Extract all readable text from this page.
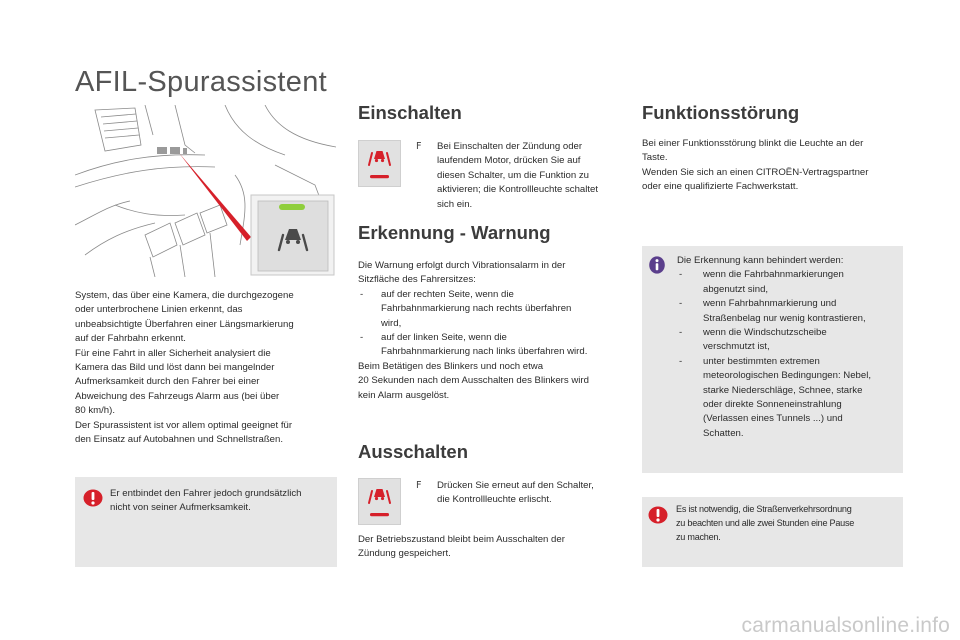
AFIL-Spurassistent
System, das über eine Kamera, die durchgezogene
oder unterbrochene Linien erkennt, das
unbeabsichtigte Überfahren einer Längsmarkierung
auf der Fahrbahn erkennt.
Für eine Fahrt in aller Sicherheit analysiert die
Kamera das Bild und löst dann bei mangelnder
Aufmerksamkeit durch den Fahrer bei einer
Abweichung des Fahrzeugs Alarm aus (bei über
80 km/h).
Der Spurassistent ist vor allem optimal geeignet für
den Einsatz auf Autobahnen und Schnellstraßen.
Er entbindet den Fahrer jedoch grundsätzlich
nicht von seiner Aufmerksamkeit.
Einschalten
F Bei Einschalten der Zündung oder
laufendem Motor, drücken Sie auf
diesen Schalter, um die Funktion zu
aktivieren; die Kontrollleuchte schaltet
sich ein.
Erkennung - Warnung
Die Warnung erfolgt durch Vibrationsalarm in der
Sitzfläche des Fahrersitzes:
- auf der rechten Seite, wenn die
Fahrbahnmarkierung nach rechts überfahren
wird,
- auf der linken Seite, wenn die
Fahrbahnmarkierung nach links überfahren wird.
Beim Betätigen des Blinkers und noch etwa
20 Sekunden nach dem Ausschalten des Blinkers wird
kein Alarm ausgelöst.
Ausschalten
F Drücken Sie erneut auf den Schalter,
die Kontrollleuchte erlischt.
Der Betriebszustand bleibt beim Ausschalten der
Zündung gespeichert.
Funktionsstörung
Bei einer Funktionsstörung blinkt die Leuchte an der
Taste.
Wenden Sie sich an einen CITROËN-Vertragspartner
oder eine qualifizierte Fachwerkstatt.
Die Erkennung kann behindert werden:
- wenn die Fahrbahnmarkierungen
abgenutzt sind,
- wenn Fahrbahnmarkierung und
Straßenbelag nur wenig kontrastieren,
- wenn die Windschutzscheibe
verschmutzt ist,
- unter bestimmten extremen
meteorologischen Bedingungen: Nebel,
starke Niederschläge, Schnee, starke
oder direkte Sonneneinstrahlung
(Verlassen eines Tunnels ...) und
Schatten.
Es ist notwendig, die Straßenverkehrsordnung
zu beachten und alle zwei Stunden eine Pause
zu machen.
carmanualsonline.info
